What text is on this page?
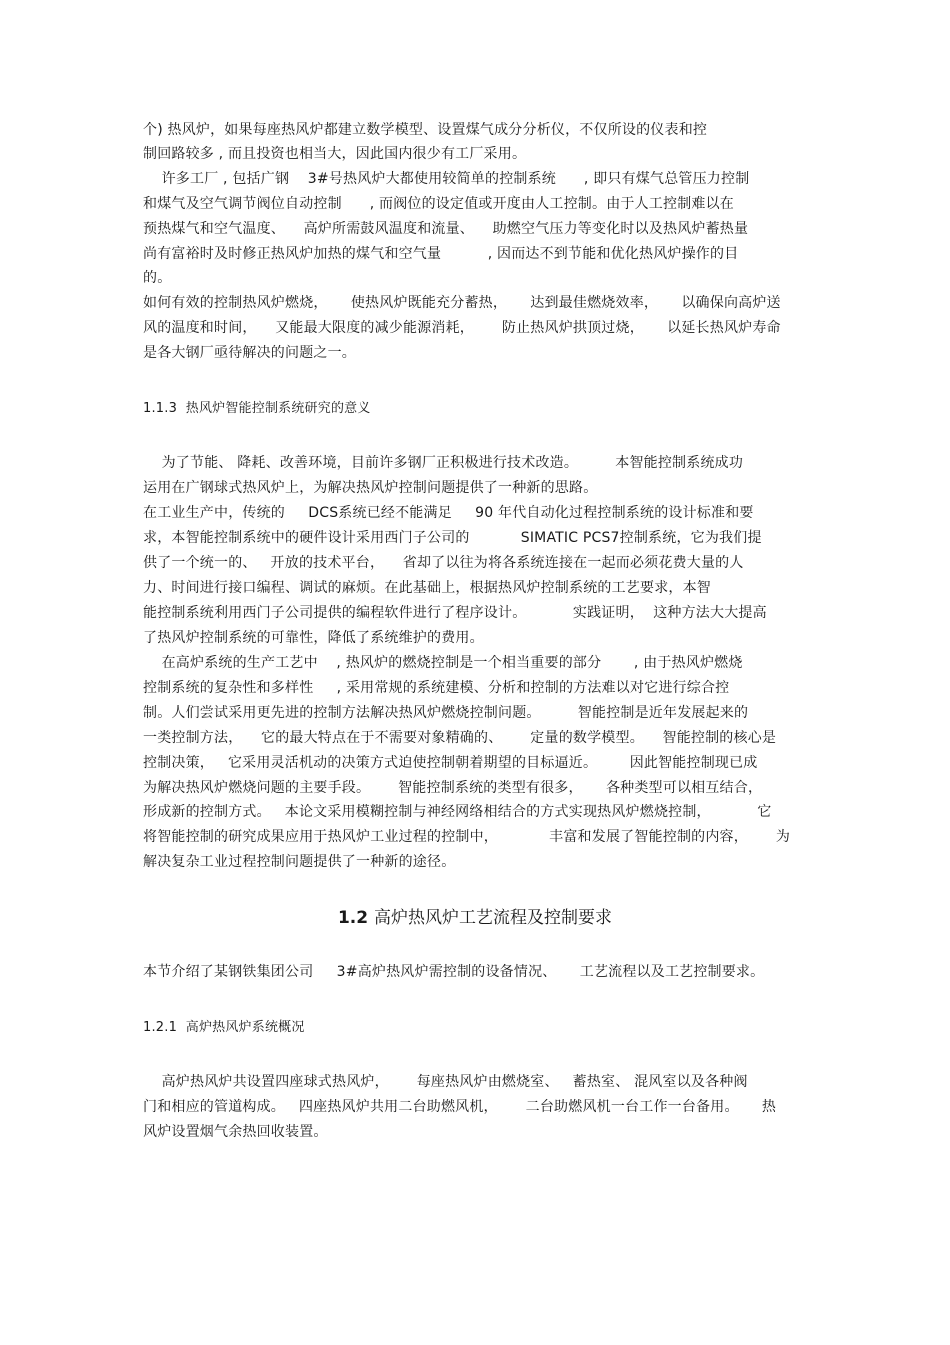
个) 热风炉，如果每座热风炉都建立数学模型、设置煤气成分分析仪，不仅所设的仪表和控
制回路较多 , 而且投资也相当大，因此国内很少有工厂采用。
许多工厂 , 包括广钢    3#号热风炉大都使用较简单的控制系统      , 即只有煤气总管压力控制
和煤气及空气调节阀位自动控制      , 而阀位的设定值或开度由人工控制。由于人工控制难以在
预热煤气和空气温度、    高炉所需鼓风温度和流量、    助燃空气压力等变化时以及热风炉蓄热量
尚有富裕时及时修正热风炉加热的煤气和空气量          , 因而达不到节能和优化热风炉操作的目
的。
如何有效的控制热风炉燃烧，     使热风炉既能充分蓄热，     达到最佳燃烧效率，     以确保向高炉送
风的温度和时间，    又能最大限度的减少能源消耗，      防止热风炉拱顶过烧，     以延长热风炉寿命
是各大钢厂亟待解决的问题之一。
1.1.3  热风炉智能控制系统研究的意义
为了节能、 降耗、改善环境，目前许多钢厂正积极进行技术改造。        本智能控制系统成功
运用在广钢球式热风炉上，为解决热风炉控制问题提供了一种新的思路。
在工业生产中，传统的     DCS系统已经不能满足     90 年代自动化过程控制系统的设计标准和要
求，本智能控制系统中的硬件设计采用西门子公司的           SIMATIC PCS7控制系统，它为我们提
供了一个统一的、   开放的技术平台，    省却了以往为将各系统连接在一起而必须花费大量的人
力、时间进行接口编程、调试的麻烦。在此基础上，根据热风炉控制系统的工艺要求，本智
能控制系统利用西门子公司提供的编程软件进行了程序设计。          实践证明，  这种方法大大提高
了热风炉控制系统的可靠性，降低了系统维护的费用。
在高炉系统的生产工艺中    , 热风炉的燃烧控制是一个相当重要的部分       , 由于热风炉燃烧
控制系统的复杂性和多样性     , 采用常规的系统建模、分析和控制的方法难以对它进行综合控
制。人们尝试采用更先进的控制方法解决热风炉燃烧控制问题。        智能控制是近年发展起来的
一类控制方法，    它的最大特点在于不需要对象精确的、      定量的数学模型。    智能控制的核心是
控制决策，   它采用灵活机动的决策方式迫使控制朝着期望的目标逼近。       因此智能控制现已成
为解决热风炉燃烧问题的主要手段。      智能控制系统的类型有很多，     各种类型可以相互结合，
形成新的控制方式。   本论文采用模糊控制与神经网络相结合的方式实现热风炉燃烧控制，          它
将智能控制的研究成果应用于热风炉工业过程的控制中，           丰富和发展了智能控制的内容，      为
解决复杂工业过程控制问题提供了一种新的途径。
1.2 高炉热风炉工艺流程及控制要求
本节介绍了某钢铁集团公司     3#高炉热风炉需控制的设备情况、     工艺流程以及工艺控制要求。
1.2.1  高炉热风炉系统概况
高炉热风炉共设置四座球式热风炉，      每座热风炉由燃烧室、   蓄热室、 混风室以及各种阀
门和相应的管道构成。   四座热风炉共用二台助燃风机，      二台助燃风机一台工作一台备用。     热
风炉设置烟气余热回收装置。
